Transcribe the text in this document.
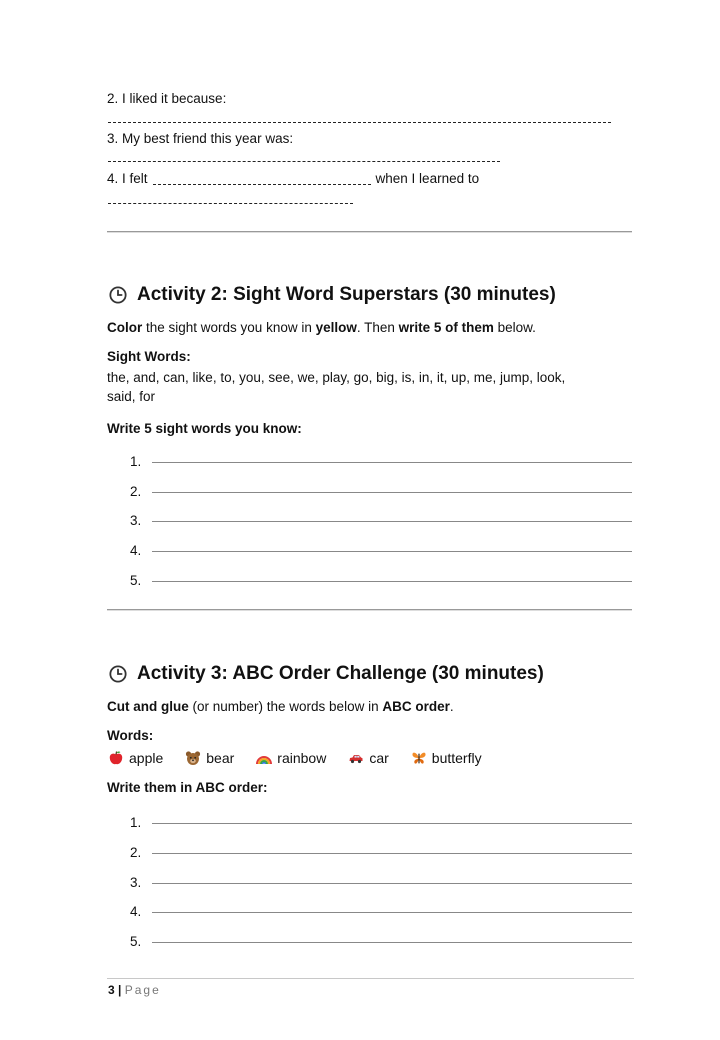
2. I liked it because:
3. My best friend this year was:
4. I felt	when I learned to
Activity 2: Sight Word Superstars (30 minutes)
Color the sight words you know in yellow. Then write 5 of them below.
Sight Words:
the, and, can, like, to, you, see, we, play, go, big, is, in, it, up, me, jump, look,
said, for
Write 5 sight words you know:
1.
2.
3.
4.
5.
Activity 3: ABC Order Challenge (30 minutes)
Cut and glue (or number) the words below in ABC order.
Words:
apple	bear	rainbow	car	butterfly
Write them in ABC order:
1.
2.
3.
4.
5.
3 | Page
